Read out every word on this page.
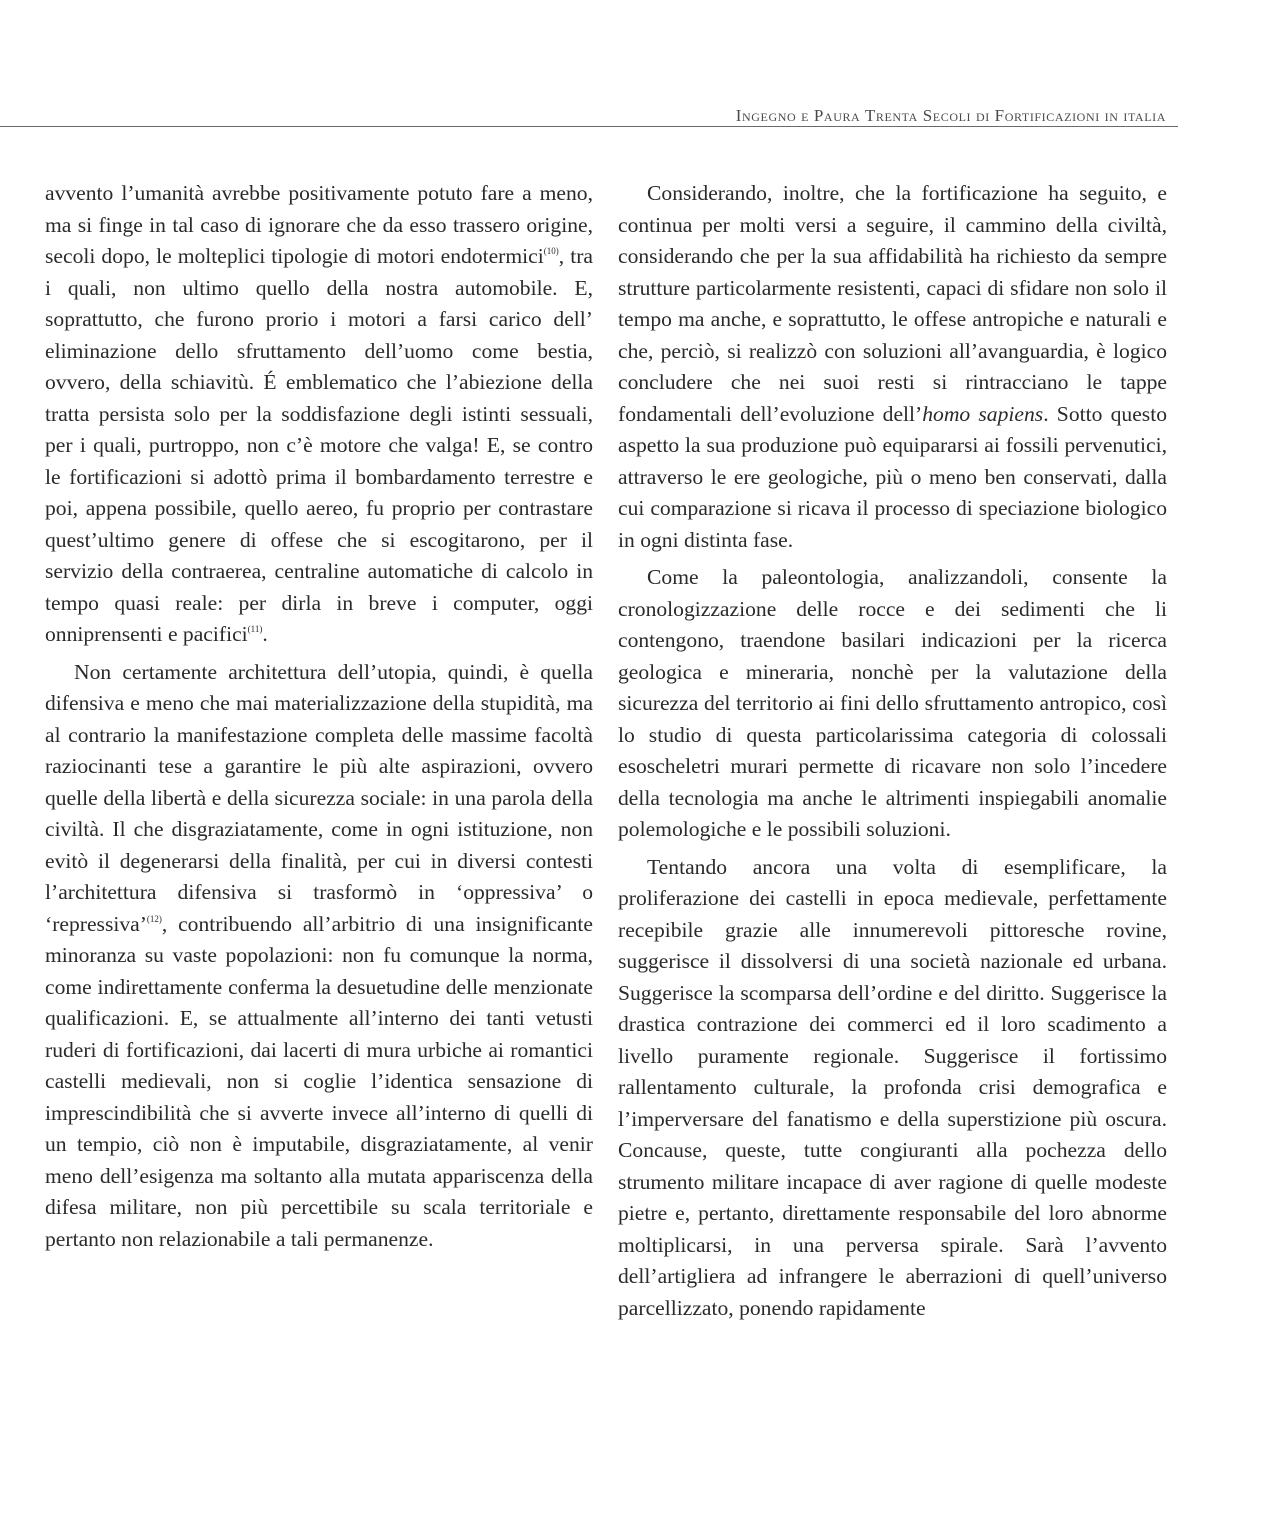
Ingegno e Paura Trenta Secoli di Fortificazioni in italia

avvento l’umanità avrebbe positivamente potuto fare a meno, ma si finge in tal caso di ignorare che da esso trassero origine, secoli dopo, le molteplici tipologie di motori endotermici$^{(10)}$, tra i quali, non ultimo quello della nostra automobile. E, soprattutto, che furono prorio i motori a farsi carico dell’ eliminazione dello sfruttamento dell’uomo come bestia, ovvero, della schiavitù. É emblematico che l’abiezione della tratta persista solo per la soddisfazione degli istinti sessuali, per i quali, purtroppo, non c’è motore che valga! E, se contro le fortificazioni si adottò prima il bombardamento terrestre e poi, appena possibile, quello aereo, fu proprio per contrastare quest’ultimo genere di offese che si escogitarono, per il servizio della contraerea, centraline automatiche di calcolo in tempo quasi reale: per dirla in breve i computer, oggi onniprensenti e pacifici$^{(11)}$.

Non certamente architettura dell’utopia, quindi, è quella difensiva e meno che mai materializzazione della stupidità, ma al contrario la manifestazione completa delle massime facoltà raziocinanti tese a garantire le più alte aspirazioni, ovvero quelle della libertà e della sicurezza sociale: in una parola della civiltà. Il che disgraziatamente, come in ogni istituzione, non evitò il degenerarsi della finalità, per cui in diversi contesti l’architettura difensiva si trasformò in ‘oppressiva’ o ‘repressiva’$^{(12)}$, contribuendo all’arbitrio di una insignificante minoranza su vaste popolazioni: non fu comunque la norma, come indirettamente conferma la desuetudine delle menzionate qualificazioni. E, se attualmente all’interno dei tanti vetusti ruderi di fortificazioni, dai lacerti di mura urbiche ai romantici castelli medievali, non si coglie l’identica sensazione di imprescindibilità che si avverte invece all’interno di quelli di un tempio, ciò non è imputabile, disgraziatamente, al venir meno dell’esigenza ma soltanto alla mutata appariscenza della difesa militare, non più percettibile su scala territoriale e pertanto non relazionabile a tali permanenze.

Considerando, inoltre, che la fortificazione ha seguito, e continua per molti versi a seguire, il cammino della civiltà, considerando che per la sua affidabilità ha richiesto da sempre strutture particolarmente resistenti, capaci di sfidare non solo il tempo ma anche, e soprattutto, le offese antropiche e naturali e che, perciò, si realizzò con soluzioni all’avanguardia, è logico concludere che nei suoi resti si rintracciano le tappe fondamentali dell’evoluzione dell’homo sapiens. Sotto questo aspetto la sua produzione può equipararsi ai fossili pervenutici, attraverso le ere geologiche, più o meno ben conservati, dalla cui comparazione si ricava il processo di speciazione biologico in ogni distinta fase.

Come la paleontologia, analizzandoli, consente la cronologizzazione delle rocce e dei sedimenti che li contengono, traendone basilari indicazioni per la ricerca geologica e mineraria, nonchè per la valutazione della sicurezza del territorio ai fini dello sfruttamento antropico, così lo studio di questa particolarissima categoria di colossali esoscheletri murari permette di ricavare non solo l’incedere della tecnologia ma anche le altrimenti inspiegabili anomalie polemologiche e le possibili soluzioni.

Tentando ancora una volta di esemplificare, la proliferazione dei castelli in epoca medievale, perfettamente recepibile grazie alle innumerevoli pittoresche rovine, suggerisce il dissolversi di una società nazionale ed urbana. Suggerisce la scomparsa dell’ordine e del diritto. Suggerisce la drastica contrazione dei commerci ed il loro scadimento a livello puramente regionale. Suggerisce il fortissimo rallentamento culturale, la profonda crisi demografica e l’imperversare del fanatismo e della superstizione più oscura. Concause, queste, tutte congiuranti alla pochezza dello strumento militare incapace di aver ragione di quelle modeste pietre e, pertanto, direttamente responsabile del loro abnorme moltiplicarsi, in una perversa spirale. Sarà l’avvento dell’artigliera ad infrangere le aberrazioni di quell’universo parcellizzato, ponendo rapidamente
